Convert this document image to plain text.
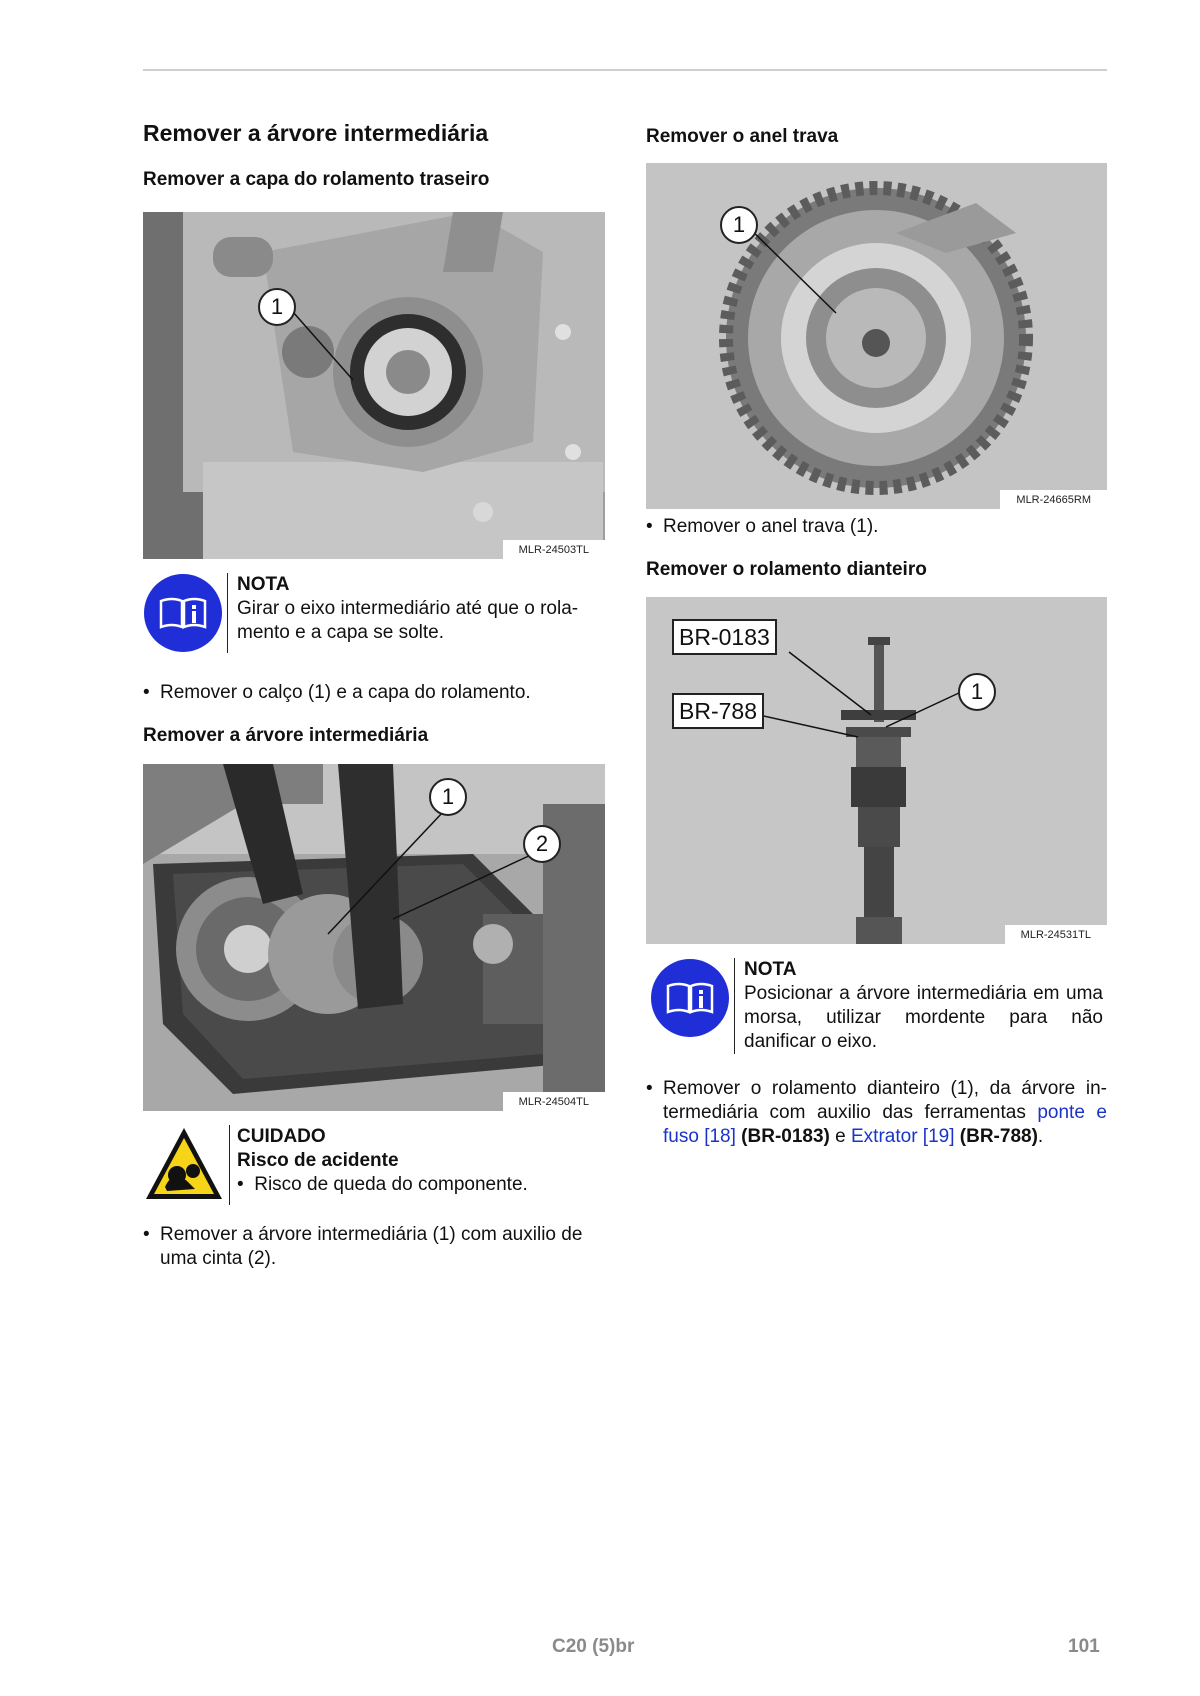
Remover a árvore intermediária
Remover a capa do rolamento traseiro
1
MLR-24503TL
NOTA
Girar o eixo intermediário até que o rola-mento e a capa se solte.
• Remover o calço (1) e a capa do rolamento.
Remover a árvore intermediária
1
2
MLR-24504TL
CUIDADO
Risco de acidente
•  Risco de queda do componente.
• Remover a árvore intermediária (1) com auxilio de uma cinta (2).
Remover o anel trava
1
MLR-24665RM
• Remover o anel trava (1).
Remover o rolamento dianteiro
BR-0183
BR-788
1
MLR-24531TL
NOTA
Posicionar a árvore intermediária em uma morsa, utilizar mordente para não danificar o eixo.
• Remover o rolamento dianteiro (1), da árvore in-termediária com auxilio das ferramentas ponte e fuso [18] (BR-0183) e Extrator [19] (BR-788).
C20 (5)br	101
